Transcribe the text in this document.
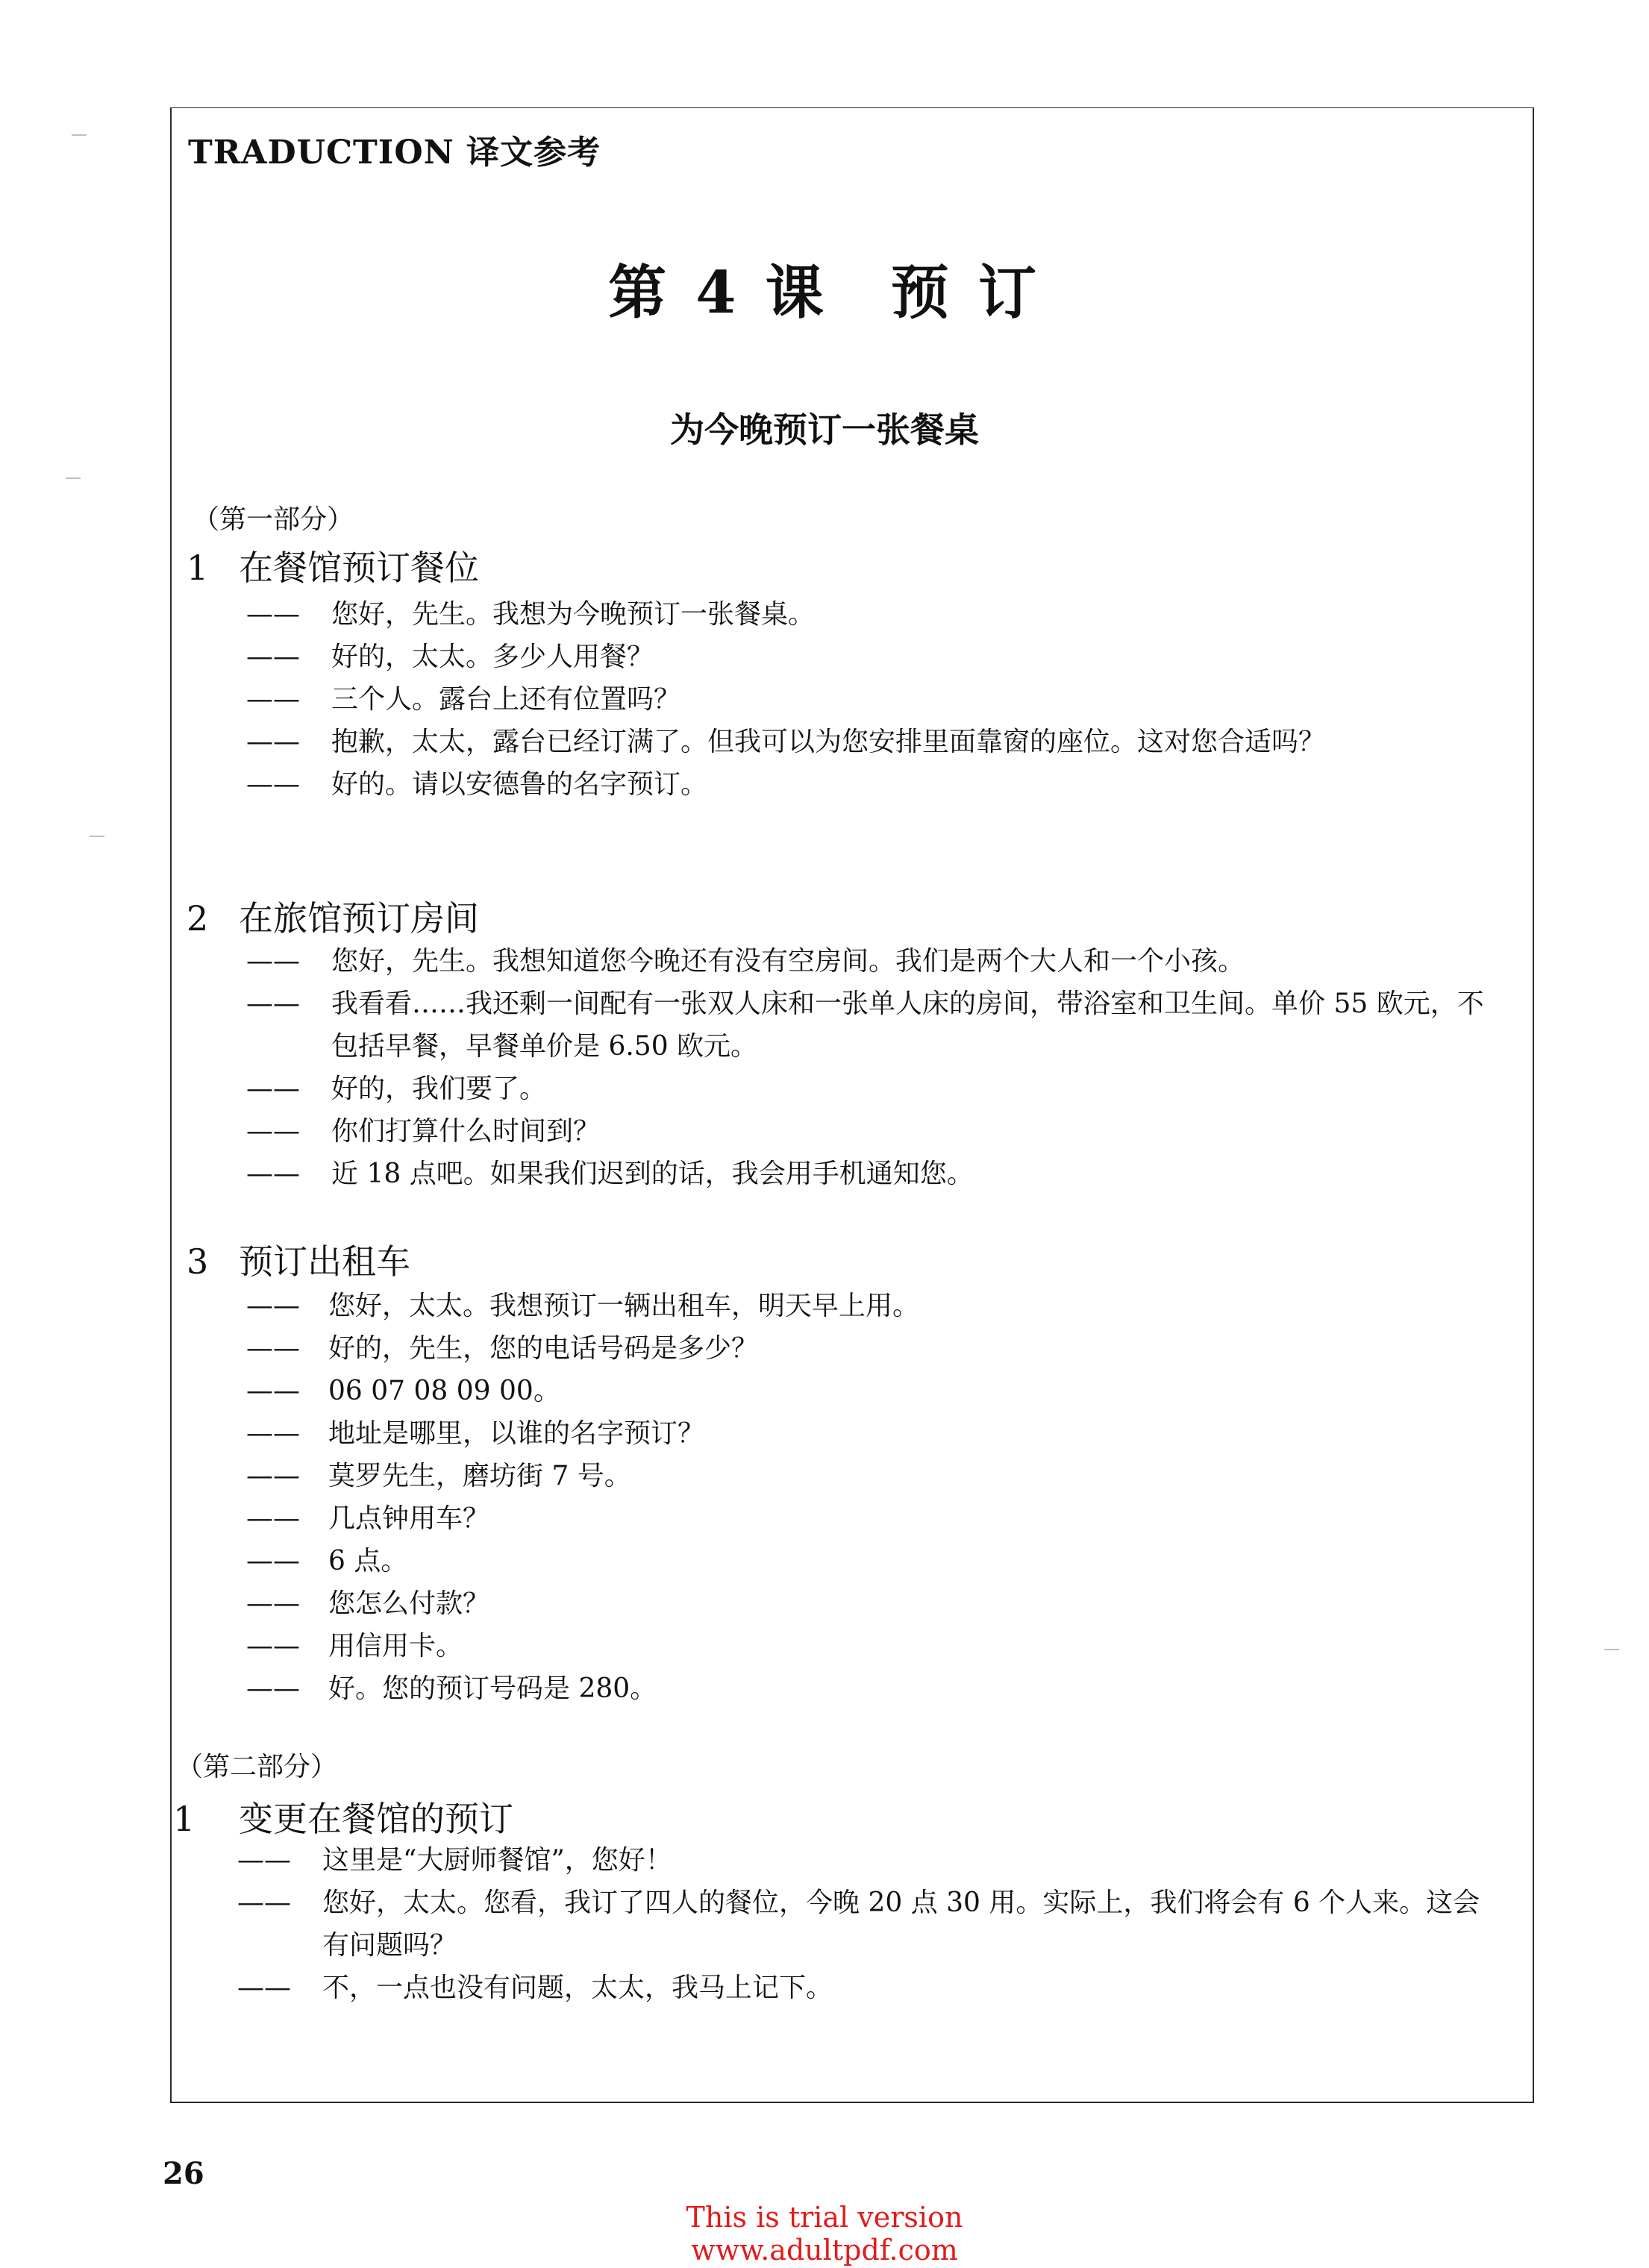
TRADUCTION 译文参考
第 4 课　预 订
为今晚预订一张餐桌
（第一部分）
1 在餐馆预订餐位
—— 您好，先生。我想为今晚预订一张餐桌。
—— 好的，太太。多少人用餐？
—— 三个人。露台上还有位置吗？
—— 抱歉，太太，露台已经订满了。但我可以为您安排里面靠窗的座位。这对您合适吗？
—— 好的。请以安德鲁的名字预订。
2 在旅馆预订房间
—— 您好，先生。我想知道您今晚还有没有空房间。我们是两个大人和一个小孩。
—— 我看看……我还剩一间配有一张双人床和一张单人床的房间，带浴室和卫生间。单价 55 欧元，不包括早餐，早餐单价是 6.50 欧元。
—— 好的，我们要了。
—— 你们打算什么时间到？
—— 近 18 点吧。如果我们迟到的话，我会用手机通知您。
3 预订出租车
—— 您好，太太。我想预订一辆出租车，明天早上用。
—— 好的，先生，您的电话号码是多少？
—— 06 07 08 09 00。
—— 地址是哪里，以谁的名字预订？
—— 莫罗先生，磨坊街 7 号。
—— 几点钟用车？
—— 6 点。
—— 您怎么付款？
—— 用信用卡。
—— 好。您的预订号码是 280。
（第二部分）
1 变更在餐馆的预订
—— 这里是“大厨师餐馆”，您好！
—— 您好，太太。您看，我订了四人的餐位，今晚 20 点 30 用。实际上，我们将会有 6 个人来。这会有问题吗？
—— 不，一点也没有问题，太太，我马上记下。
26
This is trial version
www.adultpdf.com
